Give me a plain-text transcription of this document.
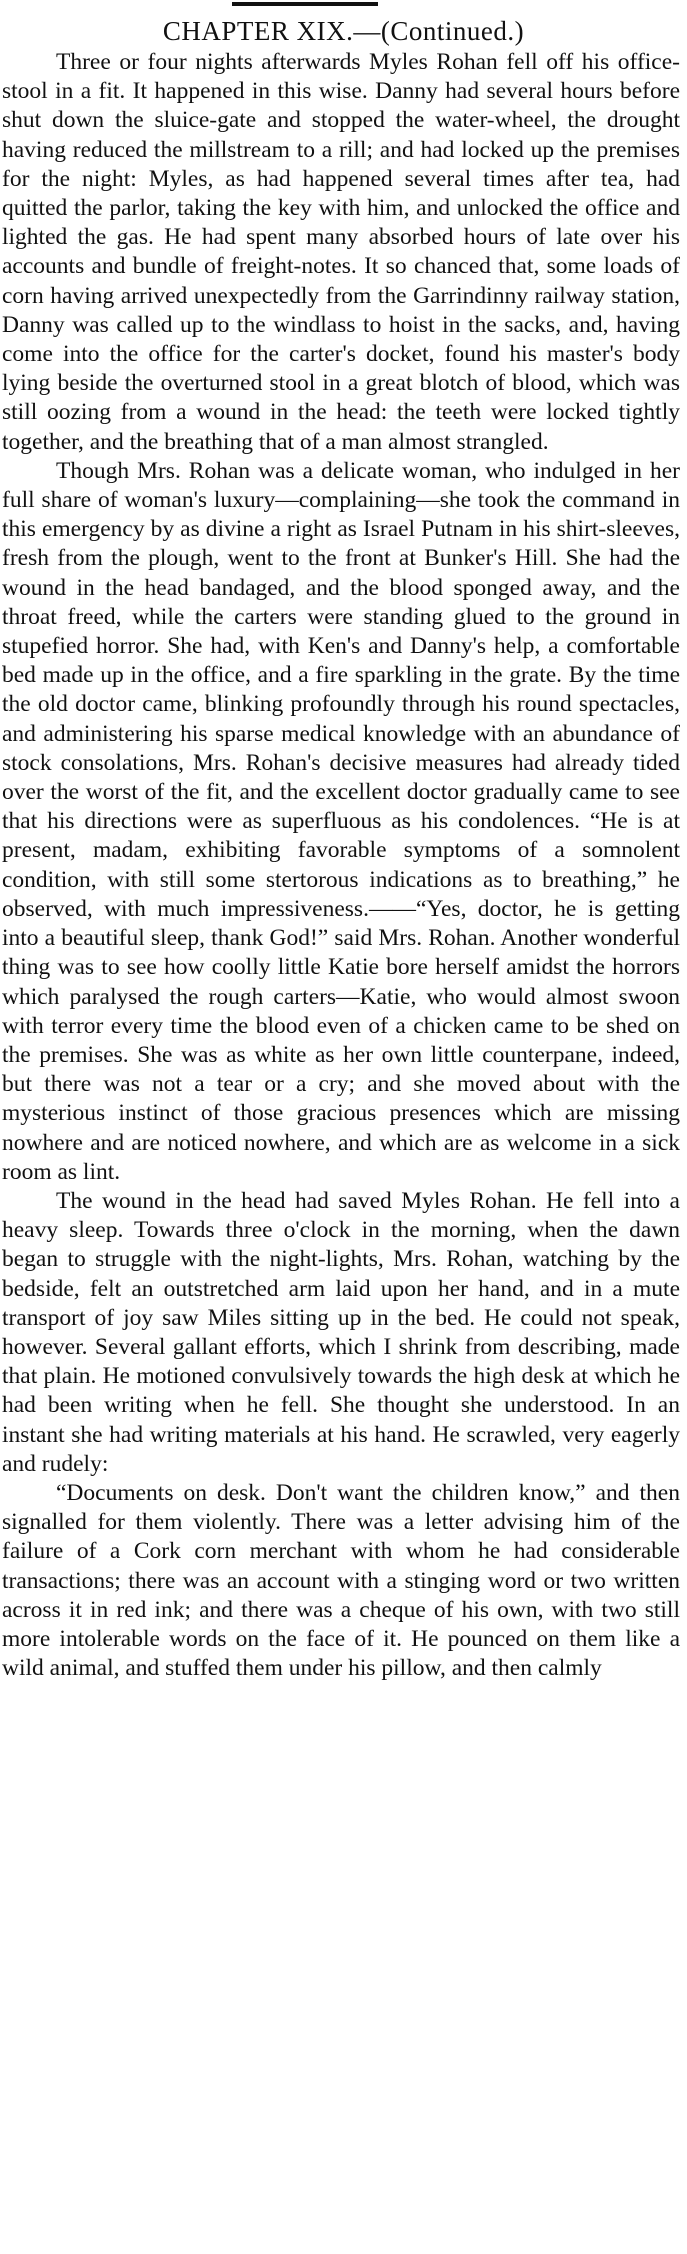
CHAPTER XIX.—(Continued.)

Three or four nights afterwards Myles Rohan fell off his office-stool in a fit. It happened in this wise. Danny had several hours before shut down the sluice-gate and stopped the water-wheel, the drought having reduced the millstream to a rill; and had locked up the premises for the night: Myles, as had happened several times after tea, had quitted the parlor, taking the key with him, and unlocked the office and lighted the gas. He had spent many absorbed hours of late over his accounts and bundle of freight-notes. It so chanced that, some loads of corn having arrived unexpectedly from the Garrindinny railway station, Danny was called up to the windlass to hoist in the sacks, and, having come into the office for the carter's docket, found his master's body lying beside the overturned stool in a great blotch of blood, which was still oozing from a wound in the head: the teeth were locked tightly together, and the breathing that of a man almost strangled.

Though Mrs. Rohan was a delicate woman, who indulged in her full share of woman's luxury—complaining—she took the command in this emergency by as divine a right as Israel Putnam in his shirt-sleeves, fresh from the plough, went to the front at Bunker's Hill. She had the wound in the head bandaged, and the blood sponged away, and the throat freed, while the carters were standing glued to the ground in stupefied horror. She had, with Ken's and Danny's help, a comfortable bed made up in the office, and a fire sparkling in the grate. By the time the old doctor came, blinking profoundly through his round spectacles, and administering his sparse medical knowledge with an abundance of stock consolations, Mrs. Rohan's decisive measures had already tided over the worst of the fit, and the excellent doctor gradually came to see that his directions were as superfluous as his condolences. “He is at present, madam, exhibiting favorable symptoms of a somnolent condition, with still some stertorous indications as to breathing,” he observed, with much impressiveness.——“Yes, doctor, he is getting into a beautiful sleep, thank God!” said Mrs. Rohan. Another wonderful thing was to see how coolly little Katie bore herself amidst the horrors which paralysed the rough carters—Katie, who would almost swoon with terror every time the blood even of a chicken came to be shed on the premises. She was as white as her own little counterpane, indeed, but there was not a tear or a cry; and she moved about with the mysterious instinct of those gracious presences which are missing nowhere and are noticed nowhere, and which are as welcome in a sick room as lint.

The wound in the head had saved Myles Rohan. He fell into a heavy sleep. Towards three o'clock in the morning, when the dawn began to struggle with the night-lights, Mrs. Rohan, watching by the bedside, felt an outstretched arm laid upon her hand, and in a mute transport of joy saw Miles sitting up in the bed. He could not speak, however. Several gallant efforts, which I shrink from describing, made that plain. He motioned convulsively towards the high desk at which he had been writing when he fell. She thought she understood. In an instant she had writing materials at his hand. He scrawled, very eagerly and rudely:

“Documents on desk. Don't want the children know,” and then signalled for them violently. There was a letter advising him of the failure of a Cork corn merchant with whom he had considerable transactions; there was an account with a stinging word or two written across it in red ink; and there was a cheque of his own, with two still more intolerable words on the face of it. He pounced on them like a wild animal, and stuffed them under his pillow, and then calmly
